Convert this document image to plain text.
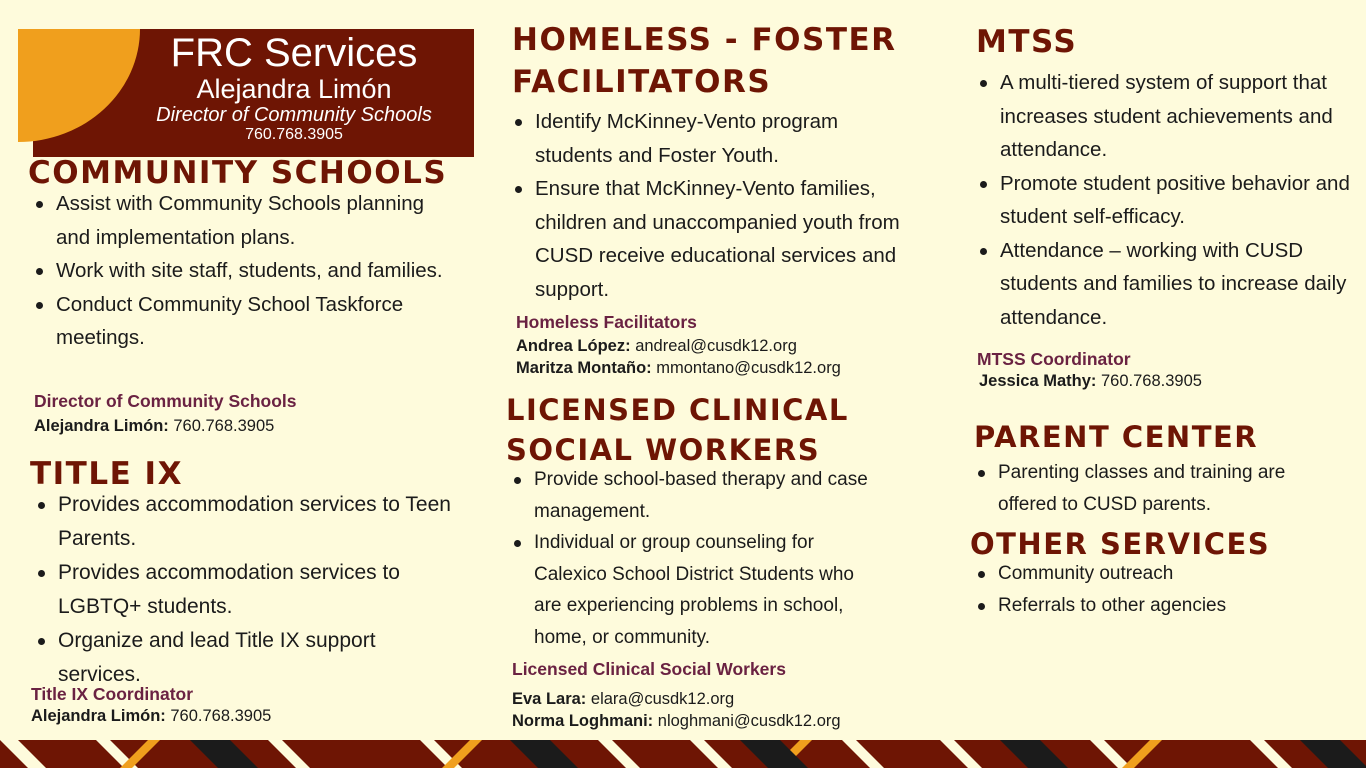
FRC Services
Alejandra Limón
Director of Community Schools
760.768.3905
COMMUNITY SCHOOLS
Assist with Community Schools planning and implementation plans.
Work with site staff, students, and families.
Conduct Community School Taskforce meetings.
Director of Community Schools
Alejandra Limón: 760.768.3905
TITLE IX
Provides accommodation services to Teen Parents.
Provides accommodation services to LGBTQ+ students.
Organize and lead Title IX support services.
Title IX Coordinator
Alejandra Limón: 760.768.3905
HOMELESS - FOSTER
FACILITATORS
Identify McKinney-Vento program students and Foster Youth.
Ensure that McKinney-Vento families, children and unaccompanied youth from CUSD receive educational services and support.
Homeless Facilitators
Andrea López: andreal@cusdk12.org
Maritza Montaño: mmontano@cusdk12.org
LICENSED CLINICAL
SOCIAL WORKERS
Provide school-based therapy and case management.
Individual or group counseling for Calexico School District Students who are experiencing problems in school, home, or community.
Licensed Clinical Social Workers
Eva Lara: elara@cusdk12.org
Norma Loghmani: nloghmani@cusdk12.org
MTSS
A multi-tiered system of support that increases student achievements and attendance.
Promote student positive behavior and student self-efficacy.
Attendance – working with CUSD students and families to increase daily attendance.
MTSS Coordinator
Jessica Mathy: 760.768.3905
PARENT CENTER
Parenting classes and training are offered to CUSD parents.
OTHER SERVICES
Community outreach
Referrals to other agencies
